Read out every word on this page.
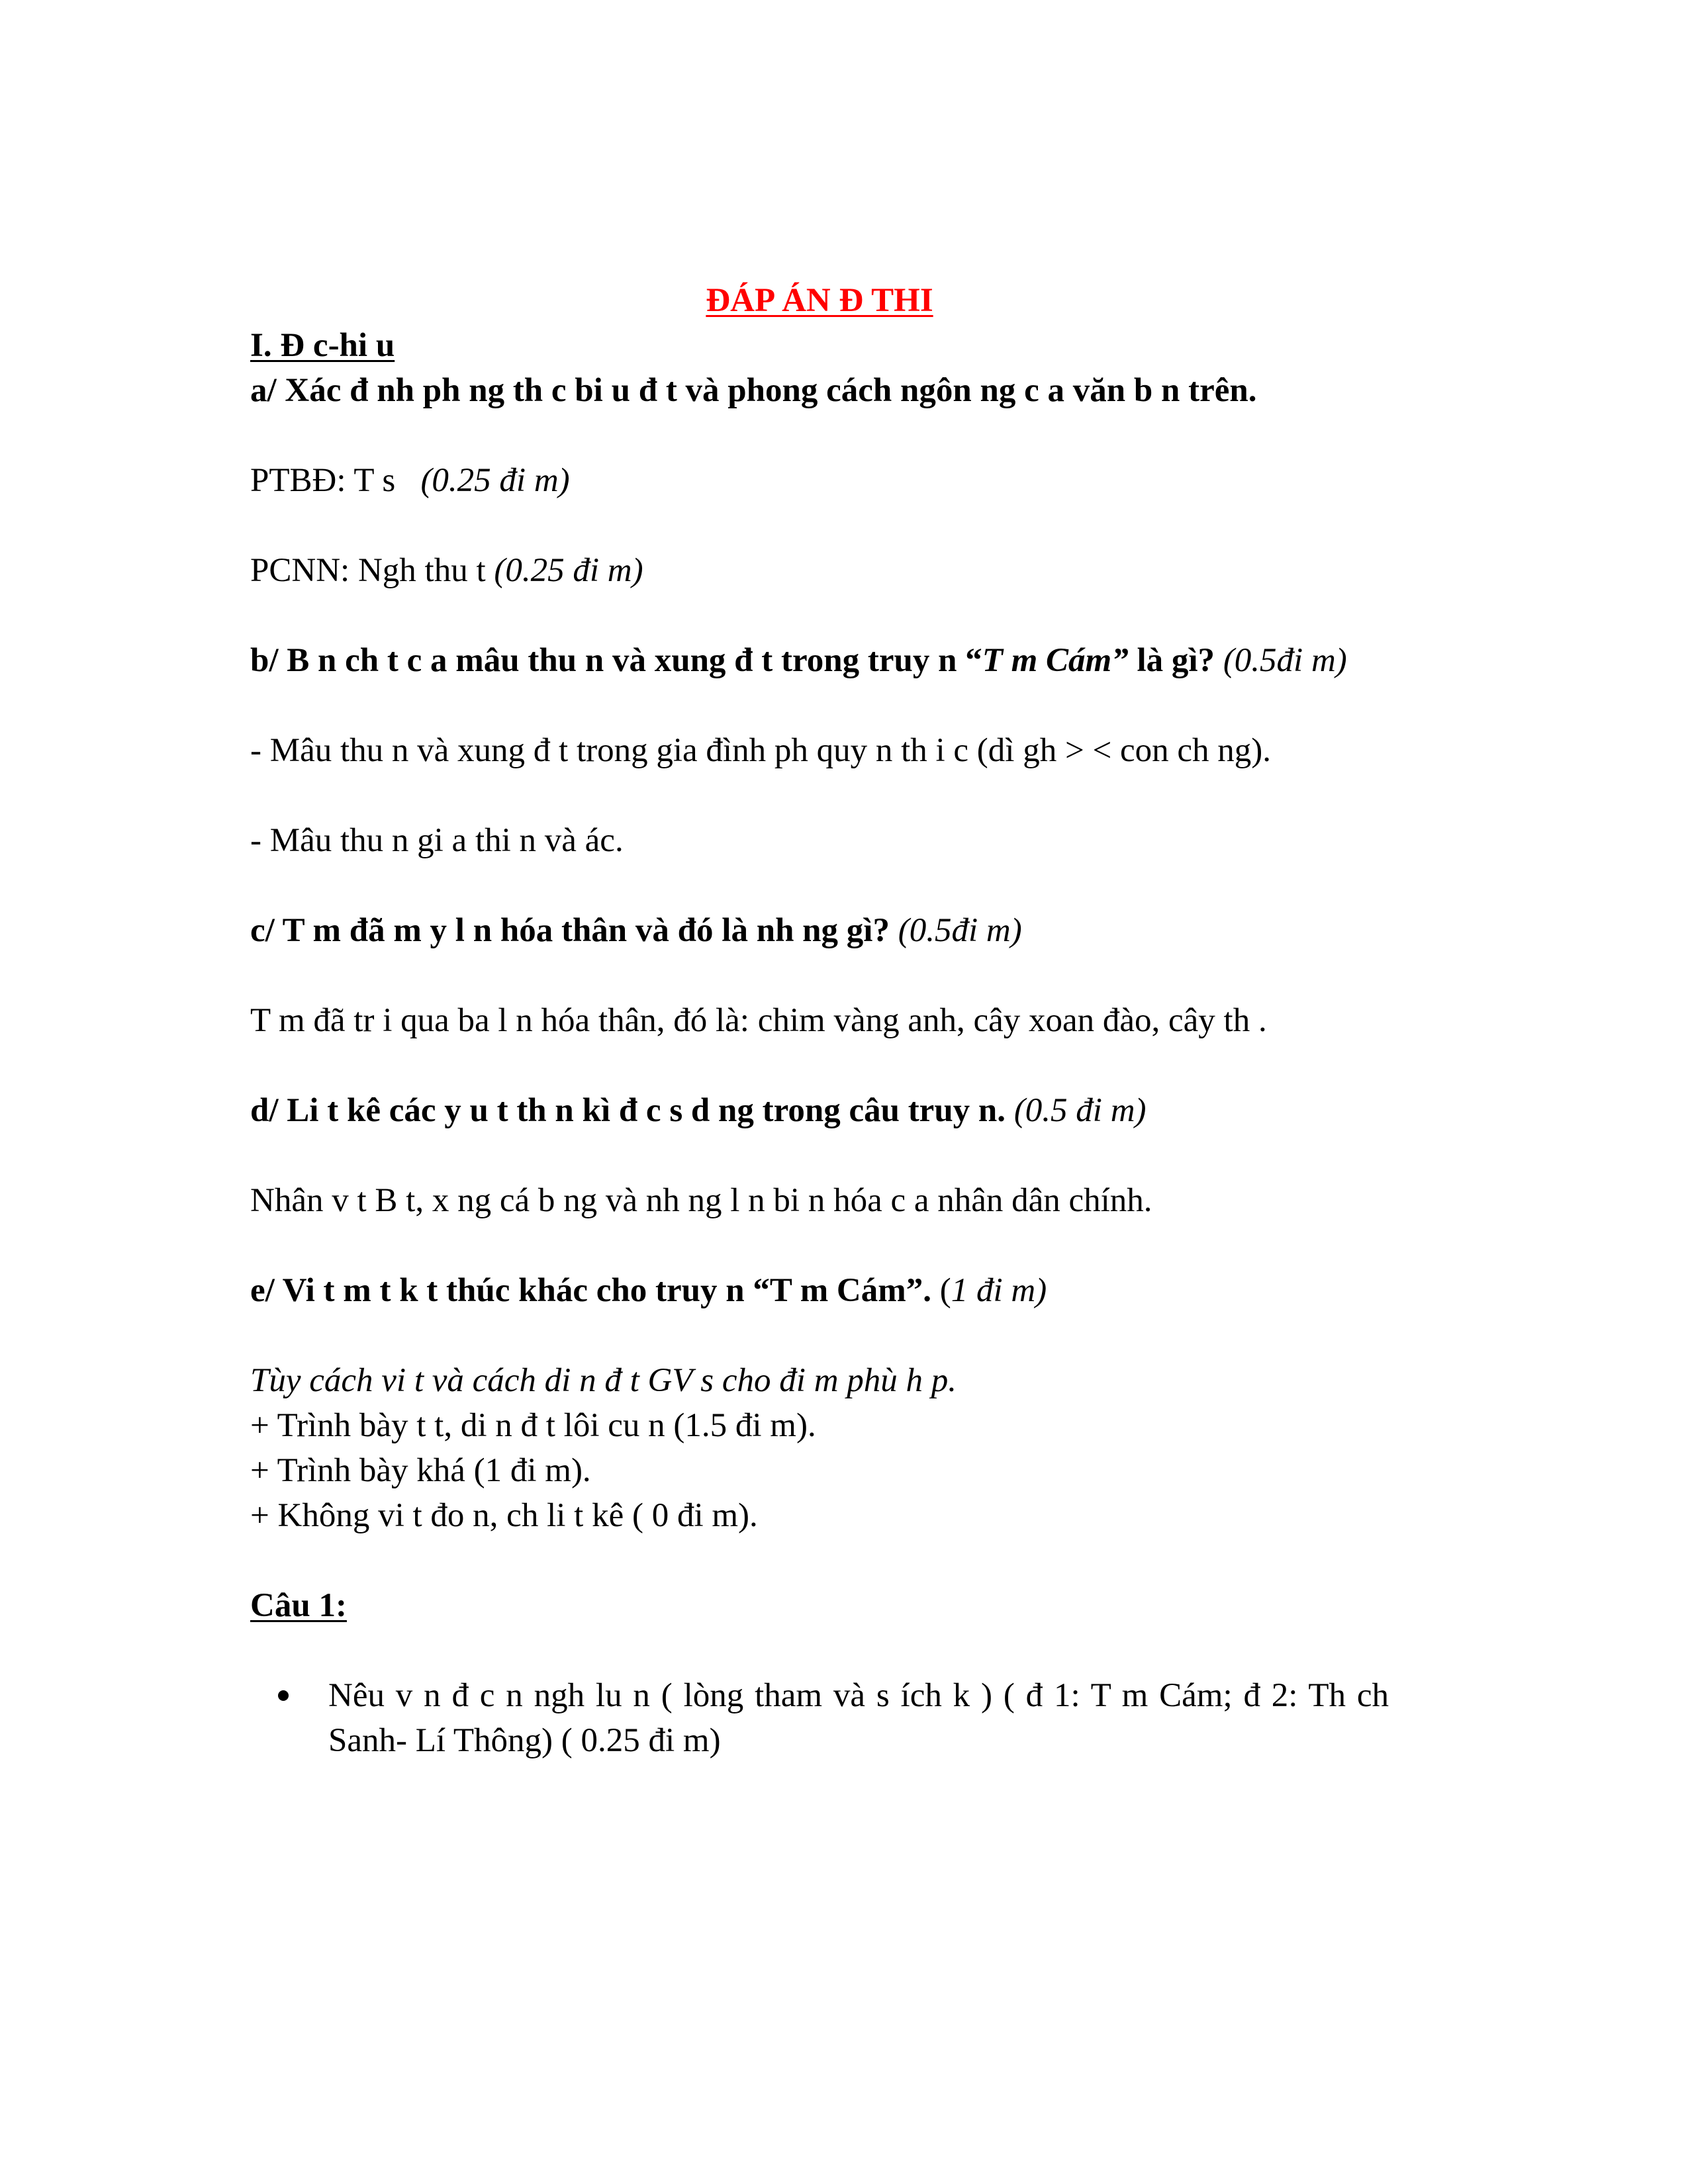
ĐÁP ÁN Đ THI

I. Đ c-hi u

a/ Xác đ nh ph ng th c bi u đ t và phong cách ngôn ng c a văn b n trên.

PTBĐ: T s (0.25 đi m)

PCNN: Ngh thu t (0.25 đi m)

b/ B n ch t c a mâu thu n và xung đ t trong truy n “T m Cám” là gì? (0.5đi m)

- Mâu thu n và xung đ t trong gia đình ph quy n th i c (dì gh > < con ch ng).

- Mâu thu n gi a thi n và ác.

c/ T m đã m y l n hóa thân và đó là nh ng gì? (0.5đi m)

T m đã tr i qua ba l n hóa thân, đó là: chim vàng anh, cây xoan đào, cây th .

d/ Li t kê các y u t th n kì đ c s d ng trong câu truy n. (0.5 đi m)

Nhân v t B t, x ng cá b ng và nh ng l n bi n hóa c a nhân dân chính.

e/ Vi t m t k t thúc khác cho truy n “T m Cám”. (1 đi m)

Tùy cách vi t và cách di n đ t GV s cho đi m phù h p.

+ Trình bày t t, di n đ t lôi cu n (1.5 đi m).

+ Trình bày khá (1 đi m).

+ Không vi t đo n, ch li t kê ( 0 đi m).

Câu 1:

Nêu v n đ c n ngh lu n ( lòng tham và s ích k ) ( đ 1: T m Cám; đ 2: Th ch Sanh- Lí Thông) ( 0.25 đi m)
